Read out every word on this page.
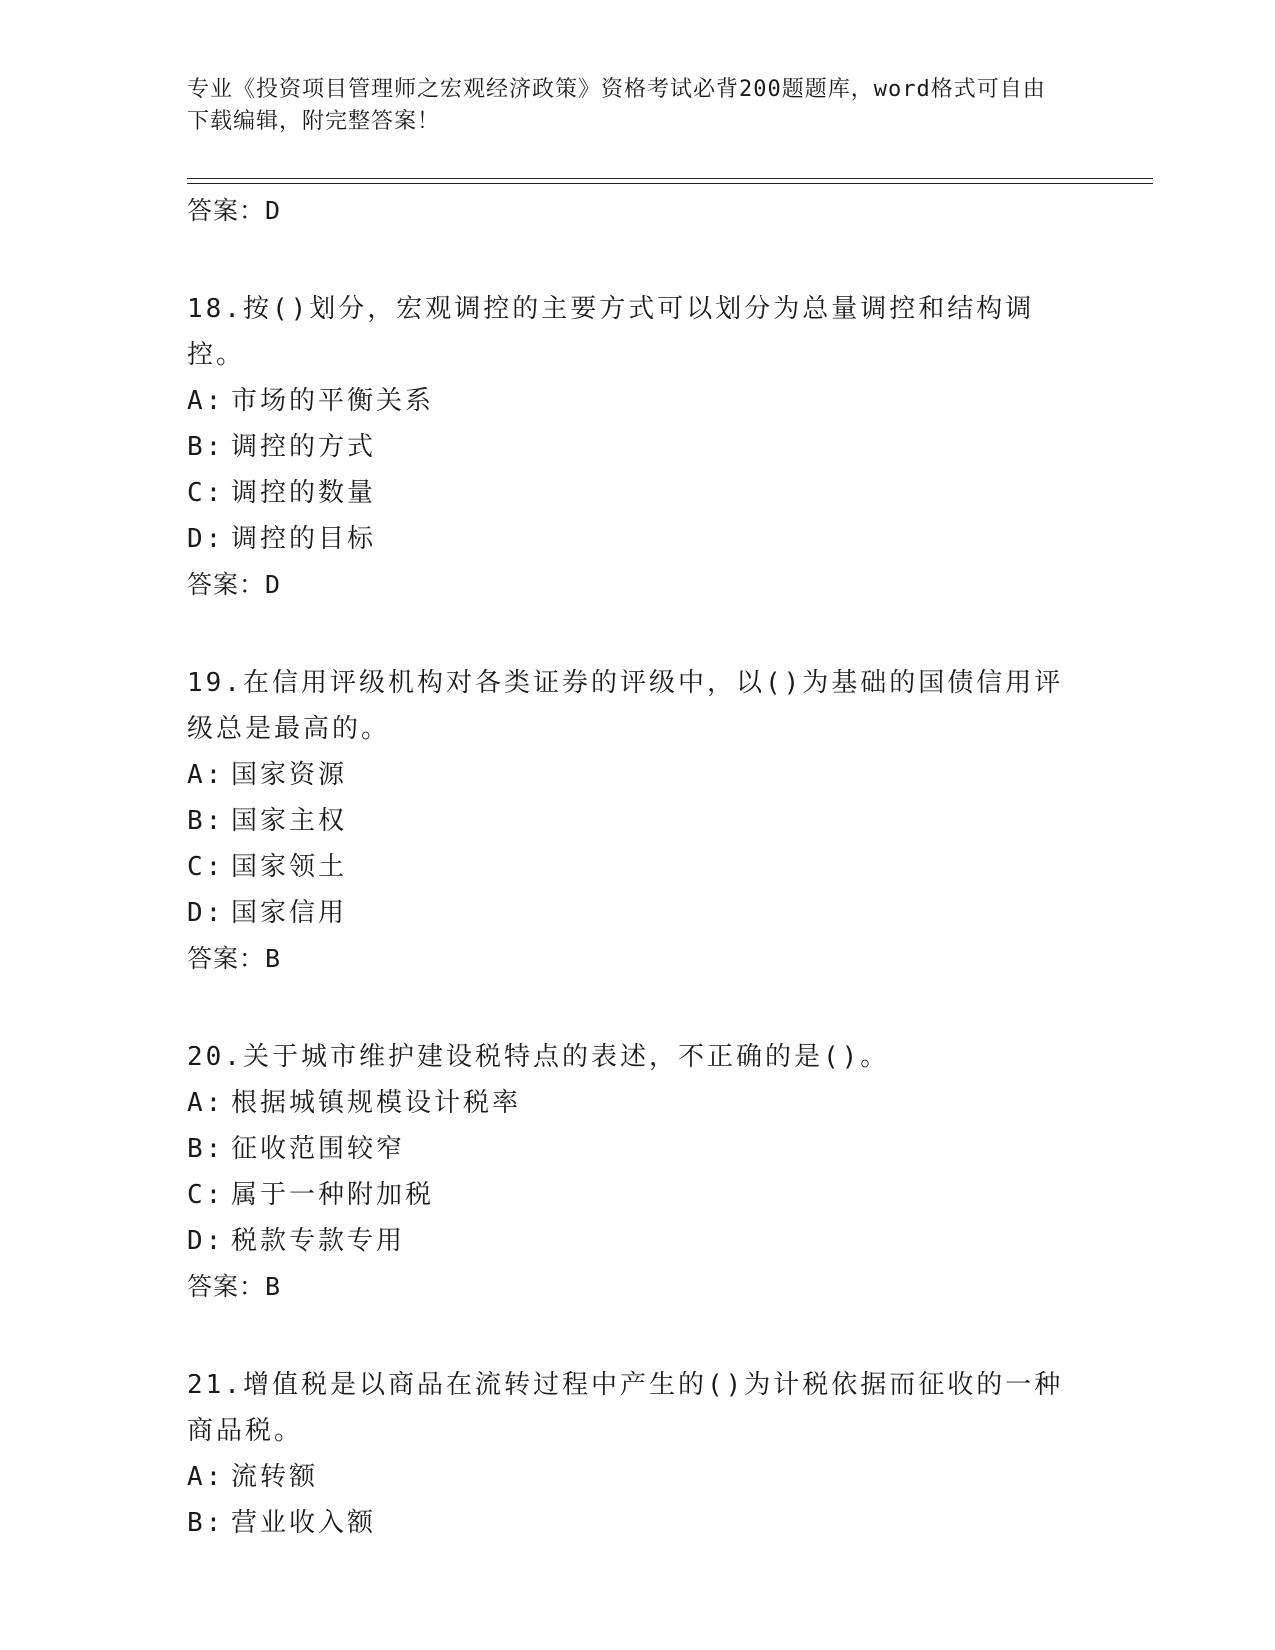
专业《投资项目管理师之宏观经济政策》资格考试必背200题题库，word格式可自由下载编辑，附完整答案！

答案：D

18.按()划分，宏观调控的主要方式可以划分为总量调控和结构调控。

A: 市场的平衡关系

B: 调控的方式

C: 调控的数量

D: 调控的目标

答案：D

19.在信用评级机构对各类证券的评级中，以()为基础的国债信用评级总是最高的。

A: 国家资源

B: 国家主权

C: 国家领土

D: 国家信用

答案：B

20.关于城市维护建设税特点的表述，不正确的是()。

A: 根据城镇规模设计税率

B: 征收范围较窄

C: 属于一种附加税

D: 税款专款专用

答案：B

21.增值税是以商品在流转过程中产生的()为计税依据而征收的一种商品税。

A: 流转额

B: 营业收入额
